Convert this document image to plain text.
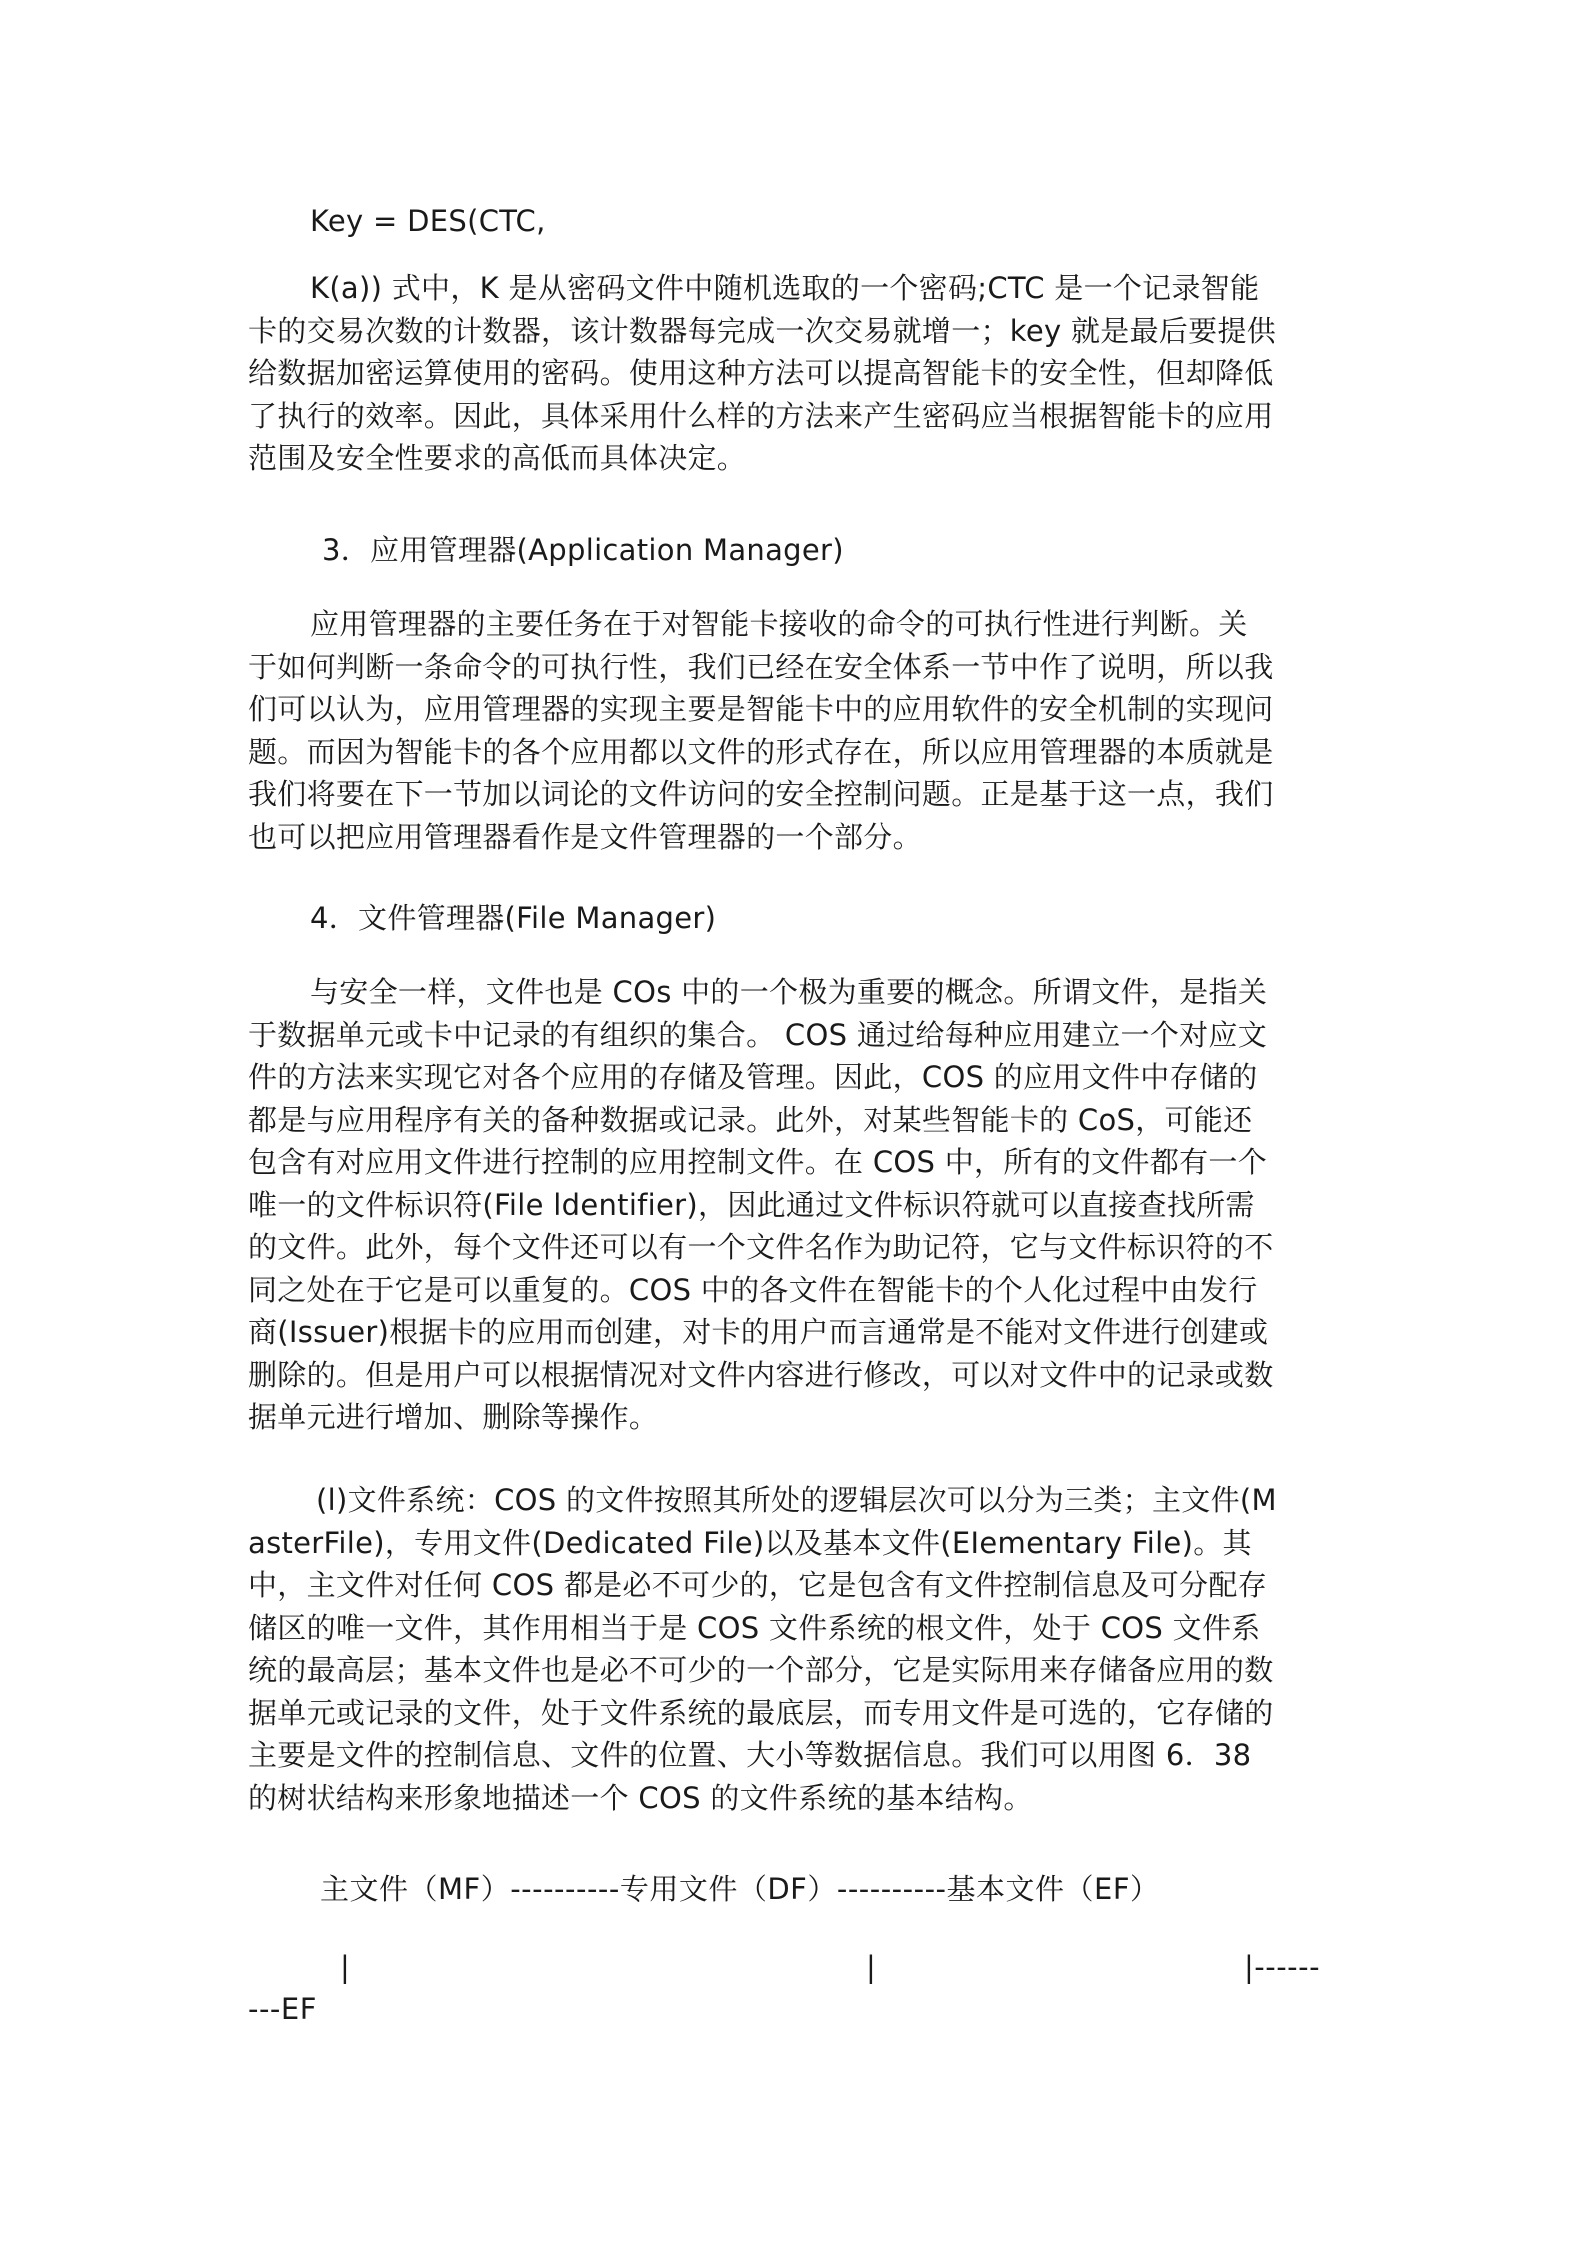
Key = DES(CTC,
K(a)) 式中，K 是从密码文件中随机选取的一个密码;CTC 是一个记录智能
卡的交易次数的计数器，该计数器每完成一次交易就增一；key 就是最后要提供
给数据加密运算使用的密码。使用这种方法可以提高智能卡的安全性，但却降低
了执行的效率。因此，具体采用什么样的方法来产生密码应当根据智能卡的应用
范围及安全性要求的高低而具体决定。
3．应用管理器(Application Manager)
应用管理器的主要任务在于对智能卡接收的命令的可执行性进行判断。关
于如何判断一条命令的可执行性，我们已经在安全体系一节中作了说明，所以我
们可以认为，应用管理器的实现主要是智能卡中的应用软件的安全机制的实现问
题。而因为智能卡的各个应用都以文件的形式存在，所以应用管理器的本质就是
我们将要在下一节加以词论的文件访问的安全控制问题。正是基于这一点，我们
也可以把应用管理器看作是文件管理器的一个部分。
4．文件管理器(File Manager)
与安全一样，文件也是 COs 中的一个极为重要的概念。所谓文件，是指关
于数据单元或卡中记录的有组织的集合。 COS 通过给每种应用建立一个对应文
件的方法来实现它对各个应用的存储及管理。因此，COS 的应用文件中存储的
都是与应用程序有关的备种数据或记录。此外，对某些智能卡的 CoS，可能还
包含有对应用文件进行控制的应用控制文件。在 COS 中，所有的文件都有一个
唯一的文件标识符(File ldentifier)，因此通过文件标识符就可以直接查找所需
的文件。此外，每个文件还可以有一个文件名作为助记符，它与文件标识符的不
同之处在于它是可以重复的。COS 中的各文件在智能卡的个人化过程中由发行
商(Issuer)根据卡的应用而创建，对卡的用户而言通常是不能对文件进行创建或
删除的。但是用户可以根据情况对文件内容进行修改，可以对文件中的记录或数
据单元进行增加、删除等操作。
(l)文件系统：COS 的文件按照其所处的逻辑层次可以分为三类；主文件(M
asterFile)，专用文件(Dedicated File)以及基本文件(EIementary File)。其
中，主文件对任何 COS 都是必不可少的，它是包含有文件控制信息及可分配存
储区的唯一文件，其作用相当于是 COS 文件系统的根文件，处于 COS 文件系
统的最高层；基本文件也是必不可少的一个部分，它是实际用来存储备应用的数
据单元或记录的文件，处于文件系统的最底层，而专用文件是可选的，它存储的
主要是文件的控制信息、文件的位置、大小等数据信息。我们可以用图 6．38
的树状结构来形象地描述一个 COS 的文件系统的基本结构。
主文件（MF）----------专用文件（DF）----------基本文件（EF）
|	|	|------
---EF
